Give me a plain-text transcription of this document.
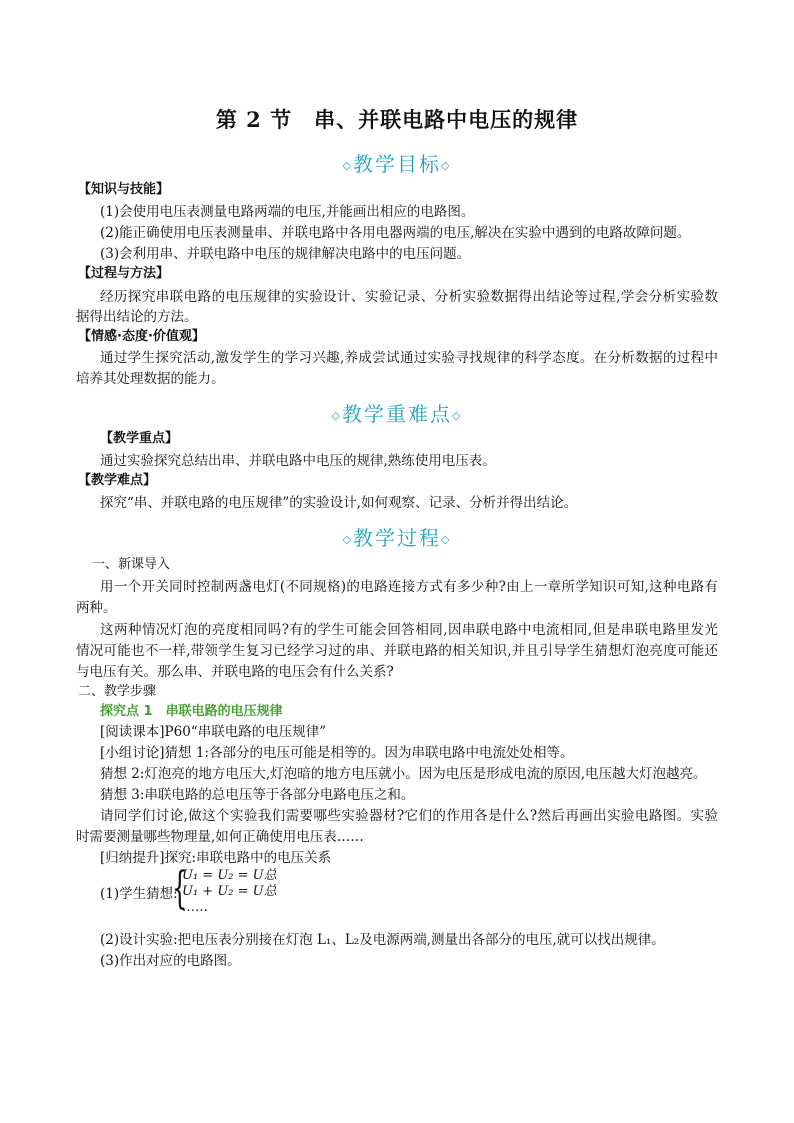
第 2 节　串、并联电路中电压的规律
◇教学目标◇
【知识与技能】
(1)会使用电压表测量电路两端的电压,并能画出相应的电路图。
(2)能正确使用电压表测量串、并联电路中各用电器两端的电压,解决在实验中遇到的电路故障问题。
(3)会利用串、并联电路中电压的规律解决电路中的电压问题。
【过程与方法】
经历探究串联电路的电压规律的实验设计、实验记录、分析实验数据得出结论等过程,学会分析实验数
据得出结论的方法。
【情感·态度·价值观】
通过学生探究活动,激发学生的学习兴趣,养成尝试通过实验寻找规律的科学态度。在分析数据的过程中
培养其处理数据的能力。
◇教学重难点◇
【教学重点】
通过实验探究总结出串、并联电路中电压的规律,熟练使用电压表。
【教学难点】
探究“串、并联电路的电压规律”的实验设计,如何观察、记录、分析并得出结论。
◇教学过程◇
一、新课导入
用一个开关同时控制两盏电灯(不同规格)的电路连接方式有多少种?由上一章所学知识可知,这种电路有
两种。
这两种情况灯泡的亮度相同吗?有的学生可能会回答相同,因串联电路中电流相同,但是串联电路里发光
情况可能也不一样,带领学生复习已经学习过的串、并联电路的相关知识,并且引导学生猜想灯泡亮度可能还
与电压有关。那么串、并联电路的电压会有什么关系?
二、教学步骤
探究点 1　串联电路的电压规律
[阅读课本]P60“串联电路的电压规律”
[小组讨论]猜想 1:各部分的电压可能是相等的。因为串联电路中电流处处相等。
猜想 2:灯泡亮的地方电压大,灯泡暗的地方电压就小。因为电压是形成电流的原因,电压越大灯泡越亮。
猜想 3:串联电路的总电压等于各部分电路电压之和。
请同学们讨论,做这个实验我们需要哪些实验器材?它们的作用各是什么?然后再画出实验电路图。实验
时需要测量哪些物理量,如何正确使用电压表……
[归纳提升]探究:串联电路中的电压关系
(1)学生猜想:
{
U₁ = U₂ = U总
U₁ + U₂ = U总
……
(2)设计实验:把电压表分别接在灯泡 L₁、L₂及电源两端,测量出各部分的电压,就可以找出规律。
(3)作出对应的电路图。
